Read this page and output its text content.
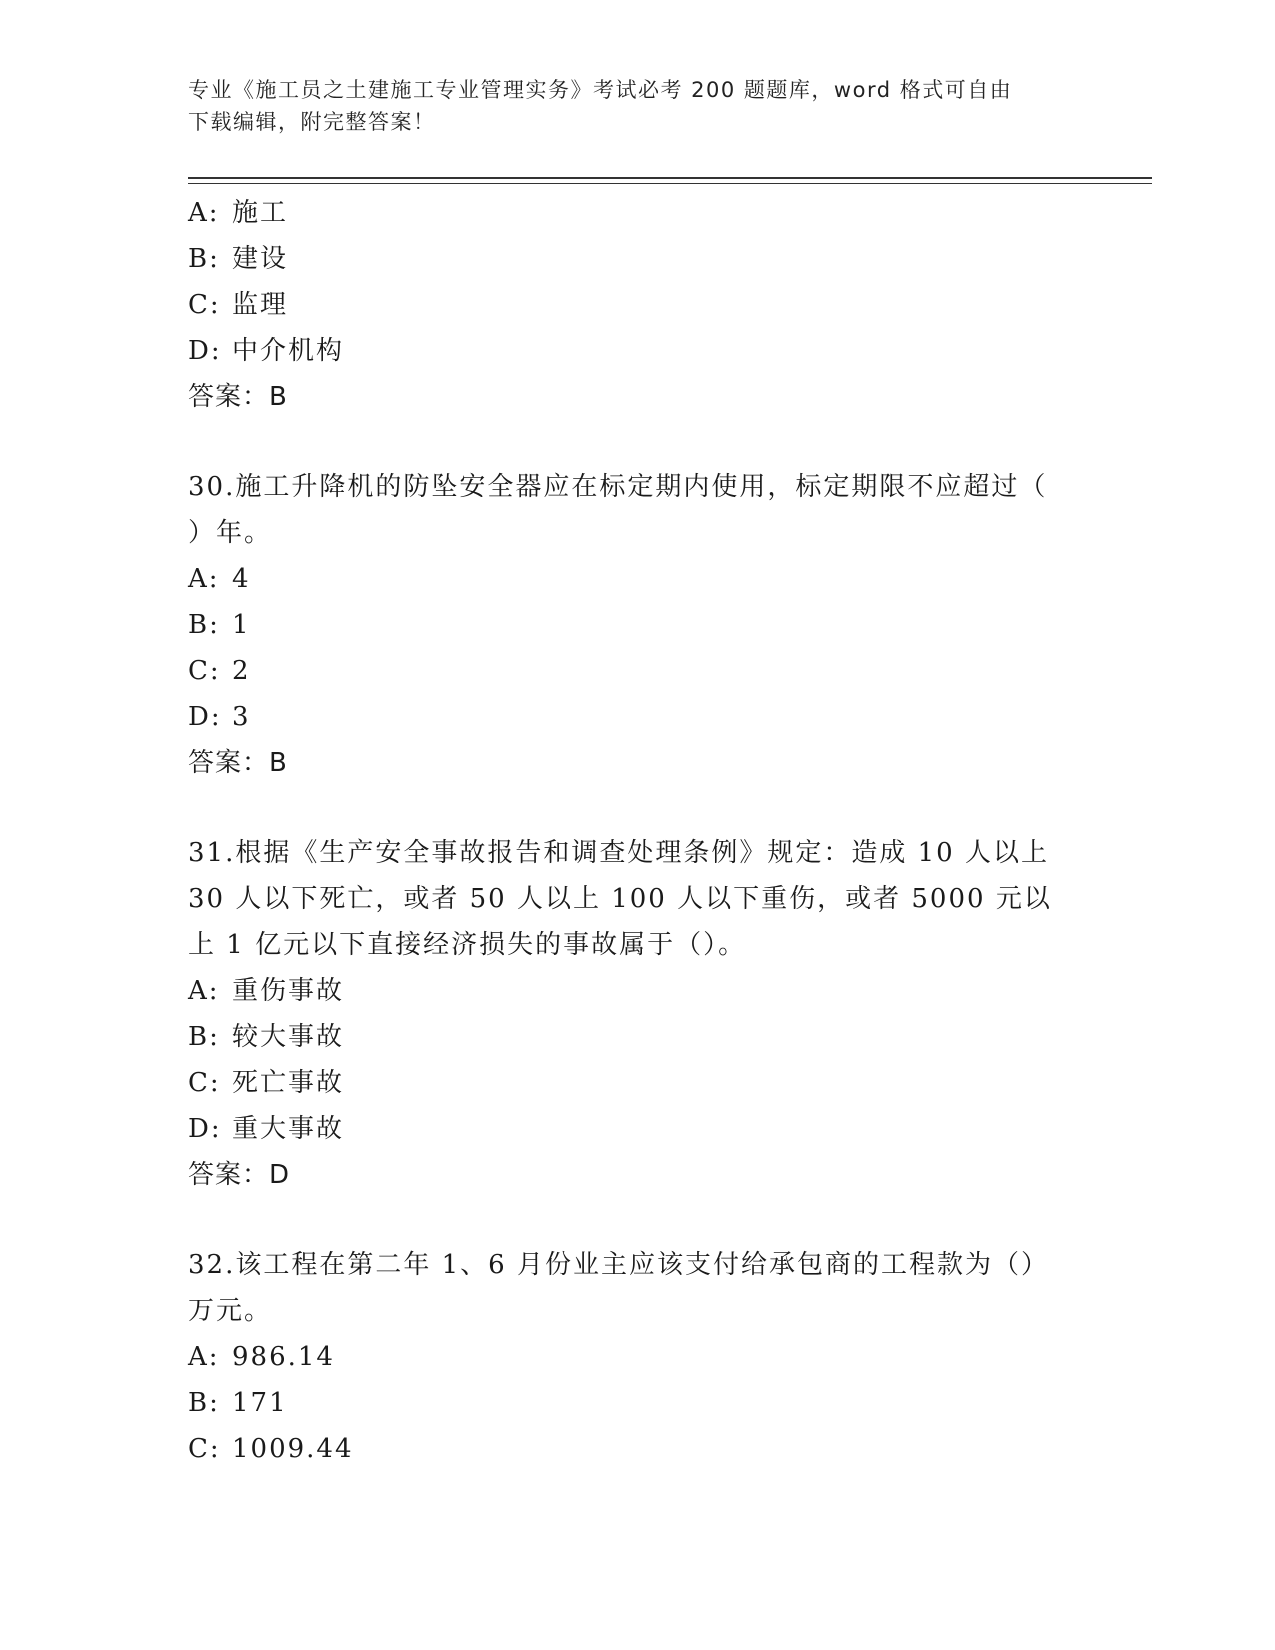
专业《施工员之土建施工专业管理实务》考试必考 200 题题库，word 格式可自由
下载编辑，附完整答案！
A: 施工
B: 建设
C: 监理
D: 中介机构
答案：B

30.施工升降机的防坠安全器应在标定期内使用，标定期限不应超过（ ）年。

A: 4
B: 1
C: 2
D: 3
答案：B

31.根据《生产安全事故报告和调查处理条例》规定：造成 10 人以上 30 人以下死亡，或者 50 人以上 100 人以下重伤，或者 5000 元以上 1 亿元以下直接经济损失的事故属于（）。

A: 重伤事故
B: 较大事故
C: 死亡事故
D: 重大事故
答案：D

32.该工程在第二年 1、6 月份业主应该支付给承包商的工程款为（）万元。

A: 986.14
B: 171
C: 1009.44
